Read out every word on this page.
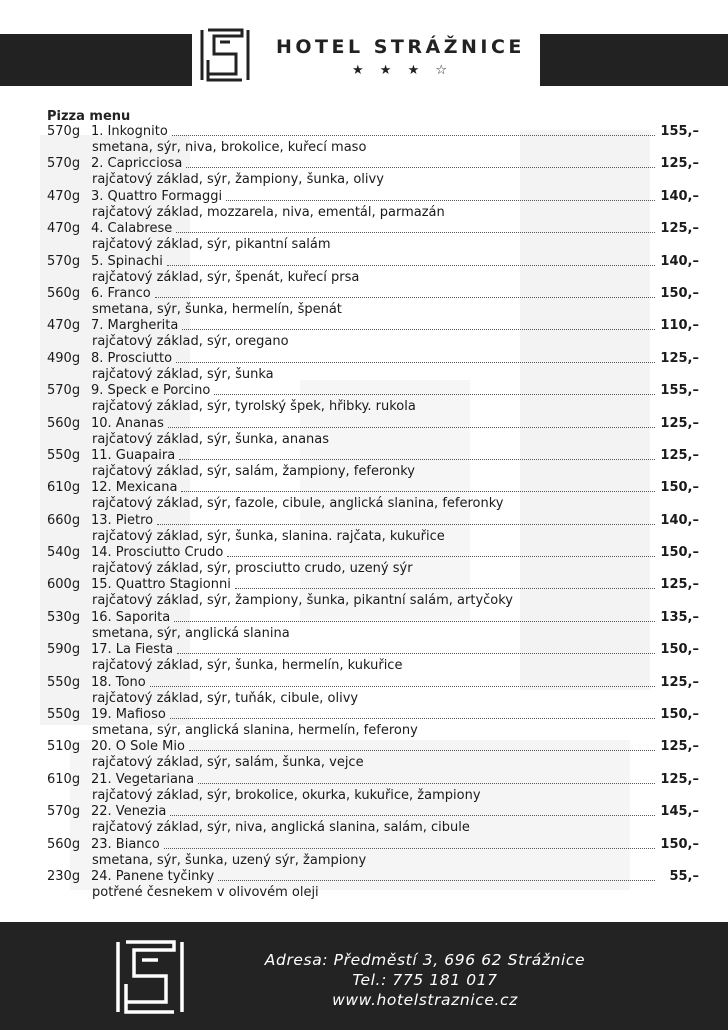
HOTEL STRÁŽNICE
★ ★ ★ ☆
Pizza menu
570g 1. Inkognito	155,–
smetana, sýr, niva, brokolice, kuřecí maso
570g 2. Capricciosa	125,–
rajčatový základ, sýr, žampiony, šunka, olivy
470g 3. Quattro Formaggi	140,–
rajčatový základ, mozzarela, niva, ementál, parmazán
470g 4. Calabrese	125,–
rajčatový základ, sýr, pikantní salám
570g 5. Spinachi	140,–
rajčatový základ, sýr, špenát, kuřecí prsa
560g 6. Franco	150,–
smetana, sýr, šunka, hermelín, špenát
470g 7. Margherita	110,–
rajčatový základ, sýr, oregano
490g 8. Prosciutto	125,–
rajčatový základ, sýr, šunka
570g 9. Speck e Porcino	155,–
rajčatový základ, sýr, tyrolský špek, hřibky. rukola
560g 10. Ananas	125,–
rajčatový základ, sýr, šunka, ananas
550g 11. Guapaira	125,–
rajčatový základ, sýr, salám, žampiony, feferonky
610g 12. Mexicana	150,–
rajčatový základ, sýr, fazole, cibule, anglická slanina, feferonky
660g 13. Pietro	140,–
rajčatový základ, sýr, šunka, slanina. rajčata, kukuřice
540g 14. Prosciutto Crudo	150,–
rajčatový základ, sýr, prosciutto crudo, uzený sýr
600g 15. Quattro Stagionni	125,–
rajčatový základ, sýr, žampiony, šunka, pikantní salám, artyčoky
530g 16. Saporita	135,–
smetana, sýr, anglická slanina
590g 17. La Fiesta	150,–
rajčatový základ, sýr, šunka, hermelín, kukuřice
550g 18. Tono	125,–
rajčatový základ, sýr, tuňák, cibule, olivy
550g 19. Mafioso	150,–
smetana, sýr, anglická slanina, hermelín, feferony
510g 20. O Sole Mio	125,–
rajčatový základ, sýr, salám, šunka, vejce
610g 21. Vegetariana	125,–
rajčatový základ, sýr, brokolice, okurka, kukuřice, žampiony
570g 22. Venezia	145,–
rajčatový základ, sýr, niva, anglická slanina, salám, cibule
560g 23. Bianco	150,–
smetana, sýr, šunka, uzený sýr, žampiony
230g 24. Panene tyčinky	55,–
potřené česnekem v olivovém oleji
Adresa: Předměstí 3, 696 62 Strážnice
Tel.: 775 181 017
www.hotelstraznice.cz
